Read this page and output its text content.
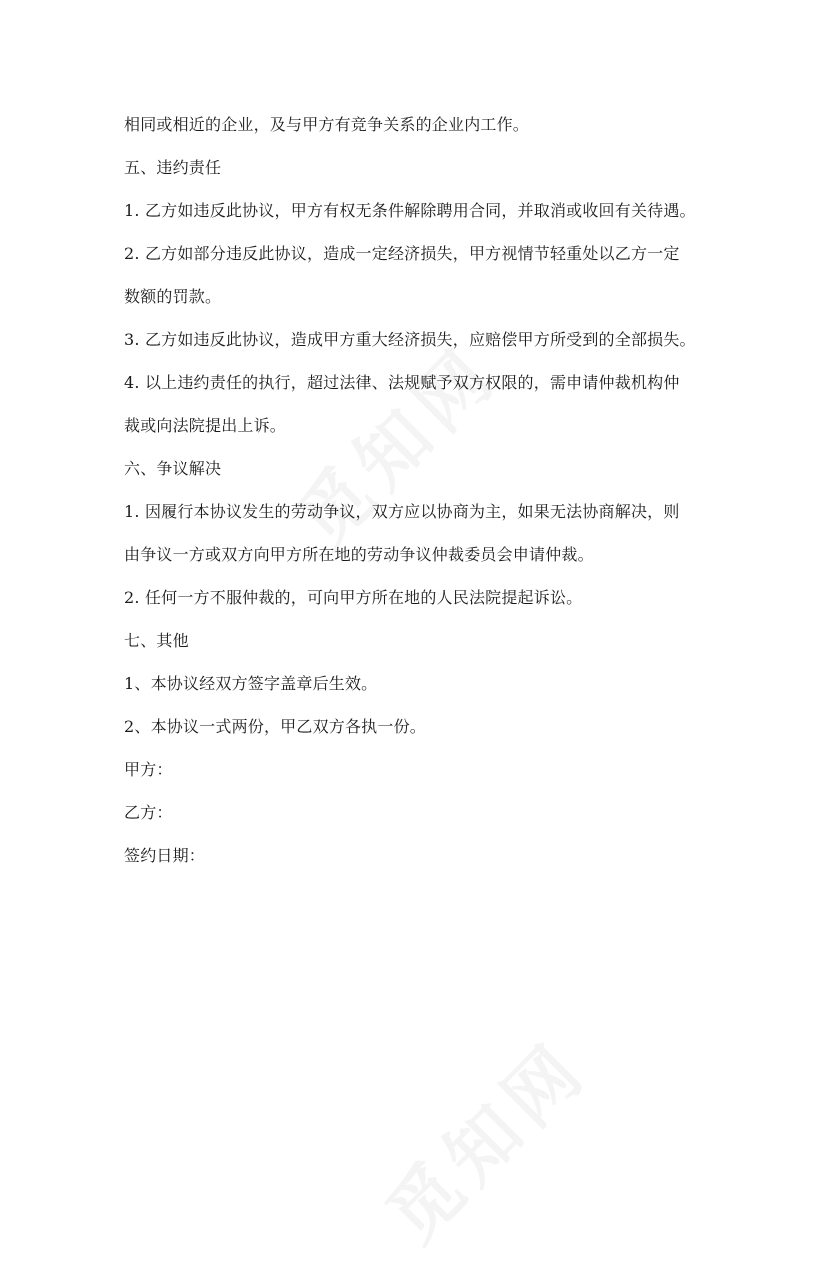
相同或相近的企业，及与甲方有竞争关系的企业内工作。
五、违约责任
1. 乙方如违反此协议，甲方有权无条件解除聘用合同，并取消或收回有关待遇。
2. 乙方如部分违反此协议，造成一定经济损失，甲方视情节轻重处以乙方一定
数额的罚款。
3. 乙方如违反此协议，造成甲方重大经济损失，应赔偿甲方所受到的全部损失。
4. 以上违约责任的执行，超过法律、法规赋予双方权限的，需申请仲裁机构仲
裁或向法院提出上诉。
六、争议解决
1. 因履行本协议发生的劳动争议，双方应以协商为主，如果无法协商解决，则
由争议一方或双方向甲方所在地的劳动争议仲裁委员会申请仲裁。
2. 任何一方不服仲裁的，可向甲方所在地的人民法院提起诉讼。
七、其他
1、本协议经双方签字盖章后生效。
2、本协议一式两份，甲乙双方各执一份。
甲方：
乙方：
签约日期：
